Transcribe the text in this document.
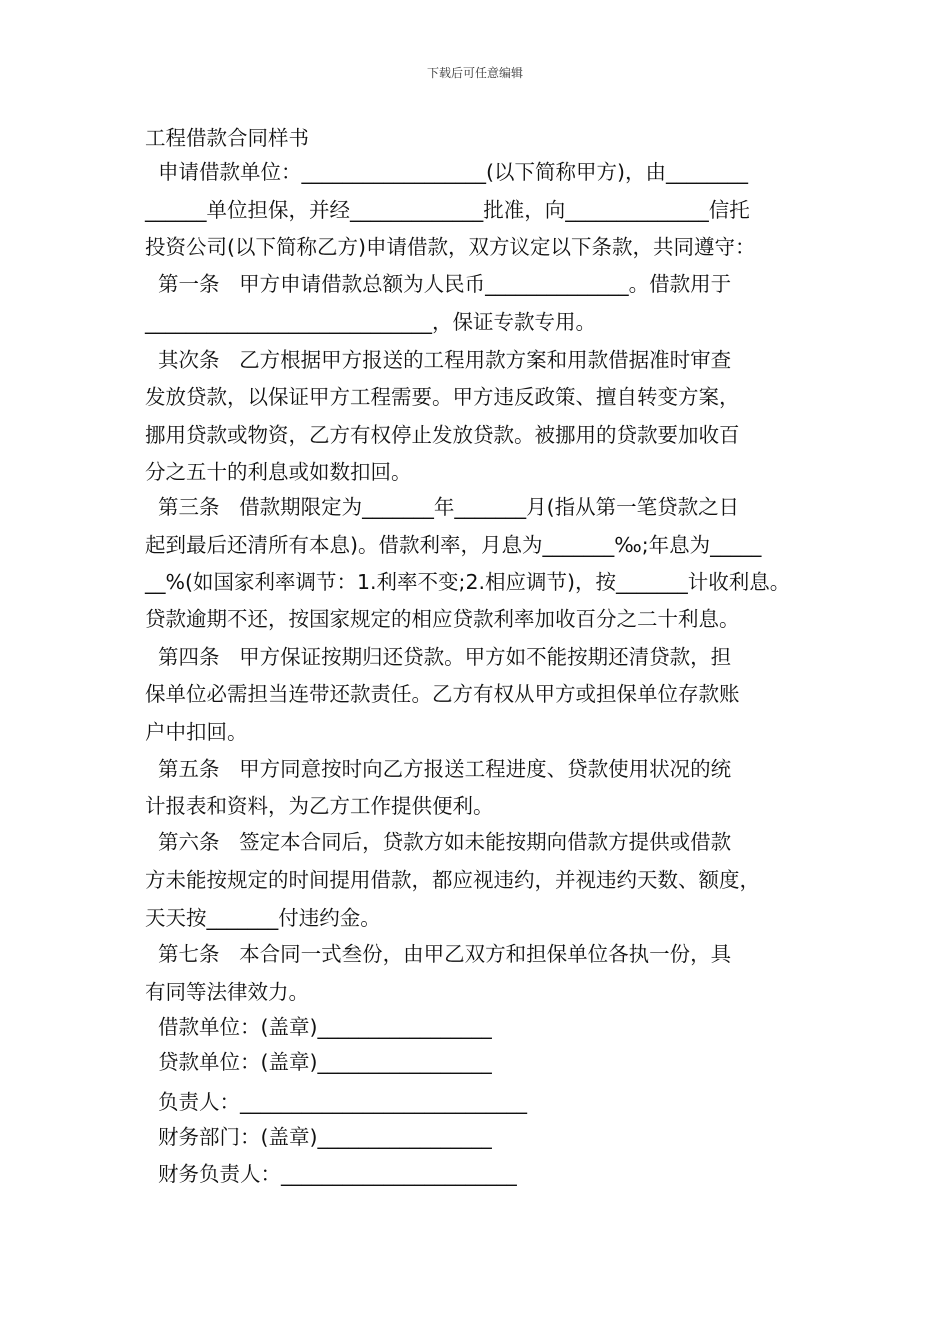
下载后可任意编辑
工程借款合同样书
申请借款单位：__________________(以下简称甲方)，由________
______单位担保，并经_____________批准，向______________信托
投资公司(以下简称乙方)申请借款，双方议定以下条款，共同遵守：
第一条   甲方申请借款总额为人民币______________。借款用于
____________________________，保证专款专用。
其次条   乙方根据甲方报送的工程用款方案和用款借据准时审查
发放贷款，以保证甲方工程需要。甲方违反政策、擅自转变方案，
挪用贷款或物资，乙方有权停止发放贷款。被挪用的贷款要加收百
分之五十的利息或如数扣回。
第三条   借款期限定为_______年_______月(指从第一笔贷款之日
起到最后还清所有本息)。借款利率，月息为_______‰;年息为_____
__%(如国家利率调节：1.利率不变;2.相应调节)，按_______计收利息。
贷款逾期不还，按国家规定的相应贷款利率加收百分之二十利息。
第四条   甲方保证按期归还贷款。甲方如不能按期还清贷款，担
保单位必需担当连带还款责任。乙方有权从甲方或担保单位存款账
户中扣回。
第五条   甲方同意按时向乙方报送工程进度、贷款使用状况的统
计报表和资料，为乙方工作提供便利。
第六条   签定本合同后，贷款方如未能按期向借款方提供或借款
方未能按规定的时间提用借款，都应视违约，并视违约天数、额度，
天天按_______付违约金。
第七条   本合同一式叁份，由甲乙双方和担保单位各执一份，具
有同等法律效力。
借款单位：(盖章)_________________
贷款单位：(盖章)_________________
负责人：____________________________
财务部门：(盖章)_________________
财务负责人：_______________________
